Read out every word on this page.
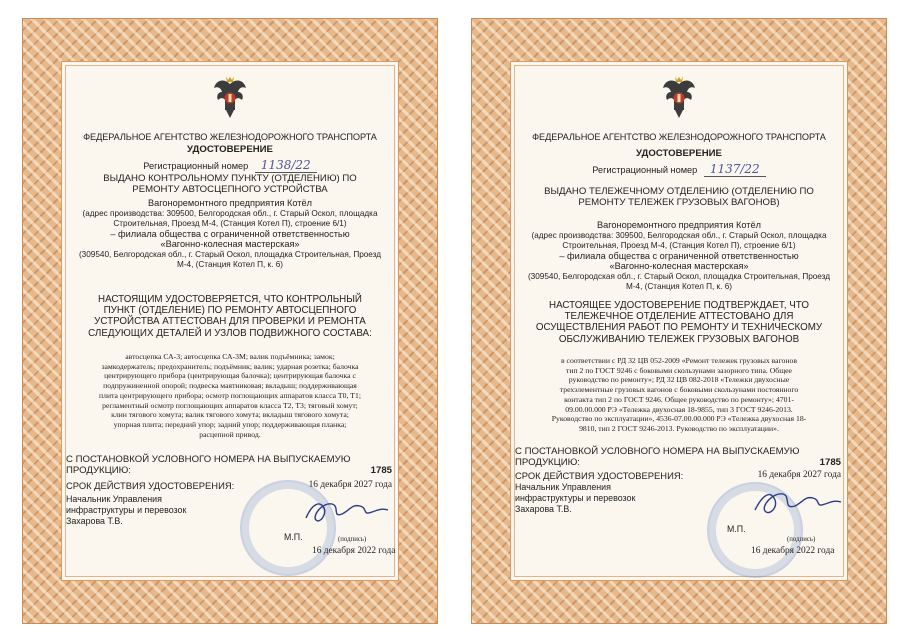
ФЕДЕРАЛЬНОЕ АГЕНТСТВО ЖЕЛЕЗНОДОРОЖНОГО ТРАНСПОРТА
УДОСТОВЕРЕНИЕ
Регистрационный номер 1138/22
ВЫДАНО КОНТРОЛЬНОМУ ПУНКТУ (ОТДЕЛЕНИЮ) ПО
РЕМОНТУ АВТОСЦЕПНОГО УСТРОЙСТВА
Вагоноремонтного предприятия Котёл
(адрес производства: 309500, Белгородская обл., г. Старый Оскол, площадка
Строительная, Проезд М-4, (Станция Котел П), строение 6/1)
– филиала общества с ограниченной ответственностью
«Вагонно-колесная мастерская»
(309540, Белгородская обл., г. Старый Оскол, площадка Строительная, Проезд
М-4, (Станция Котел П, к. 6)
НАСТОЯЩИМ УДОСТОВЕРЯЕТСЯ, ЧТО КОНТРОЛЬНЫЙ
ПУНКТ (ОТДЕЛЕНИЕ) ПО РЕМОНТУ АВТОСЦЕПНОГО
УСТРОЙСТВА АТТЕСТОВАН ДЛЯ ПРОВЕРКИ И РЕМОНТА
СЛЕДУЮЩИХ ДЕТАЛЕЙ И УЗЛОВ ПОДВИЖНОГО СОСТАВА:
автосцепка СА-3; автосцепка СА-3М; валик подъёмника; замок;
замкодержатель; предохранитель; подъёмник; валик; ударная розетка; балочка
центрирующего прибора (центрирующая балочка); центрирующая балочка с
подпружиненной опорой; подвеска маятниковая; вкладыш; поддерживающая
плита центрирующего прибора; осмотр поглощающих аппаратов класса Т0, Т1;
регламентный осмотр поглощающих аппаратов класса Т2, Т3; тяговый хомут;
клин тягового хомута; валик тягового хомута; вкладыш тягового хомута;
упорная плита; передний упор; задний упор; поддерживающая планка;
расцепной привод.
С ПОСТАНОВКОЙ УСЛОВНОГО НОМЕРА НА ВЫПУСКАЕМУЮ
ПРОДУКЦИЮ:	1785
СРОК ДЕЙСТВИЯ УДОСТОВЕРЕНИЯ:	16 декабря 2027 года
Начальник Управления
инфраструктуры и перевозок
Захарова Т.В.
М.П.	(подпись)
16 декабря 2022 года
ФЕДЕРАЛЬНОЕ АГЕНТСТВО ЖЕЛЕЗНОДОРОЖНОГО ТРАНСПОРТА
УДОСТОВЕРЕНИЕ
Регистрационный номер 1137/22
ВЫДАНО ТЕЛЕЖЕЧНОМУ ОТДЕЛЕНИЮ (ОТДЕЛЕНИЮ ПО
РЕМОНТУ ТЕЛЕЖЕК ГРУЗОВЫХ ВАГОНОВ)
Вагоноремонтного предприятия Котёл
(адрес производства: 309500, Белгородская обл., г. Старый Оскол, площадка
Строительная, Проезд М-4, (Станция Котел П), строение 6/1)
– филиала общества с ограниченной ответственностью
«Вагонно-колесная мастерская»
(309540, Белгородская обл., г. Старый Оскол, площадка Строительная, Проезд
М-4, (Станция Котел П, к. 6)
НАСТОЯЩЕЕ УДОСТОВЕРЕНИЕ ПОДТВЕРЖДАЕТ, ЧТО
ТЕЛЕЖЕЧНОЕ ОТДЕЛЕНИЕ АТТЕСТОВАНО ДЛЯ
ОСУЩЕСТВЛЕНИЯ РАБОТ ПО РЕМОНТУ И ТЕХНИЧЕСКОМУ
ОБСЛУЖИВАНИЮ ТЕЛЕЖЕК ГРУЗОВЫХ ВАГОНОВ
в соответствии с РД 32 ЦВ 052-2009 «Ремонт тележек грузовых вагонов
тип 2 по ГОСТ 9246 с боковыми скользунами зазорного типа. Общее
руководство по ремонту»; РД 32 ЦВ 082-2018 «Тележки двухосные
трехэлементные грузовых вагонов с боковыми скользунами постоянного
контакта тип 2 по ГОСТ 9246. Общее руководство по ремонту»; 4701-
09.00.00.000 РЭ «Тележка двухосная 18-9855, тип 3 ГОСТ 9246-2013.
Руководство по эксплуатации», 4536-07.00.00.000 РЭ «Тележка двухосная 18-
9810, тип 2 ГОСТ 9246-2013. Руководство по эксплуатации».
С ПОСТАНОВКОЙ УСЛОВНОГО НОМЕРА НА ВЫПУСКАЕМУЮ
ПРОДУКЦИЮ:	1785
СРОК ДЕЙСТВИЯ УДОСТОВЕРЕНИЯ:	16 декабря 2027 года
Начальник Управления
инфраструктуры и перевозок
Захарова Т.В.
М.П.
(подпись)
16 декабря 2022 года
